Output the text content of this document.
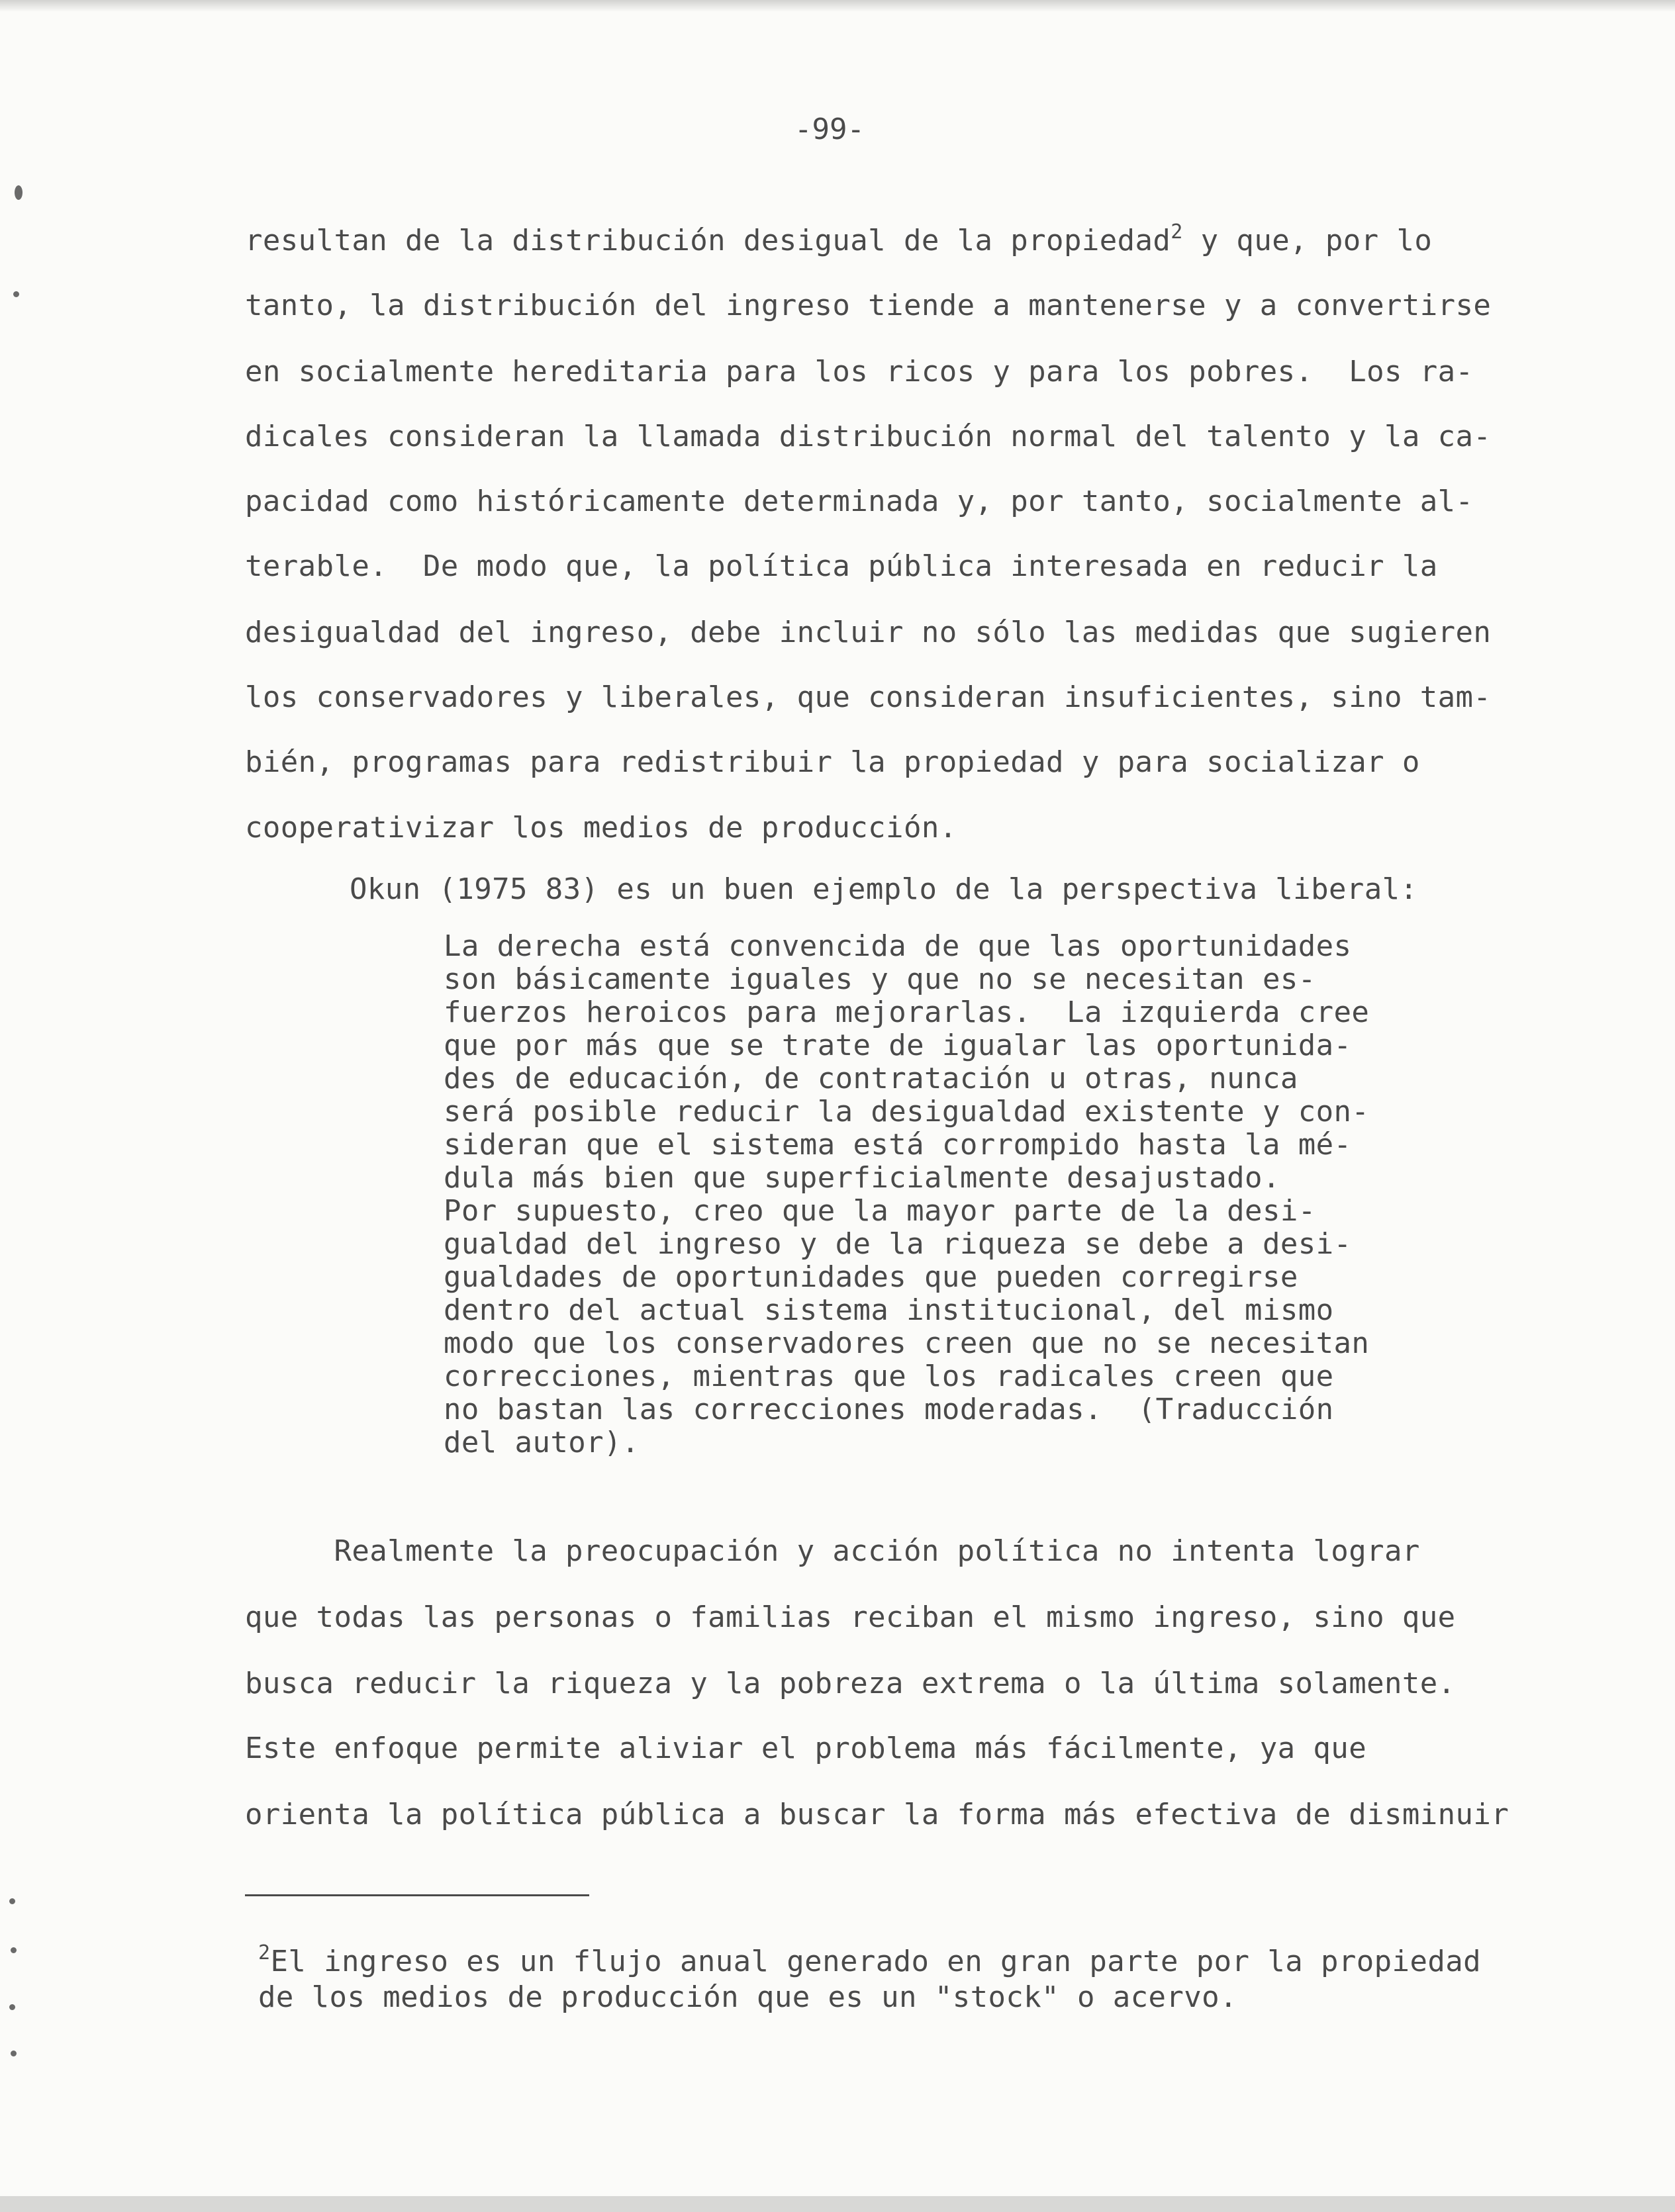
-99-
resultan de la distribución desigual de la propiedad$^2$ y que, por lo
tanto, la distribución del ingreso tiende a mantenerse y a convertirse
en socialmente hereditaria para los ricos y para los pobres.  Los ra-
dicales consideran la llamada distribución normal del talento y la ca-
pacidad como históricamente determinada y, por tanto, socialmente al-
terable.  De modo que, la política pública interesada en reducir la
desigualdad del ingreso, debe incluir no sólo las medidas que sugieren
los conservadores y liberales, que consideran insuficientes, sino tam-
bién, programas para redistribuir la propiedad y para socializar o
cooperativizar los medios de producción.
Okun (1975 83) es un buen ejemplo de la perspectiva liberal:
La derecha está convencida de que las oportunidades
son básicamente iguales y que no se necesitan es-
fuerzos heroicos para mejorarlas.  La izquierda cree
que por más que se trate de igualar las oportunida-
des de educación, de contratación u otras, nunca
será posible reducir la desigualdad existente y con-
sideran que el sistema está corrompido hasta la mé-
dula más bien que superficialmente desajustado.
Por supuesto, creo que la mayor parte de la desi-
gualdad del ingreso y de la riqueza se debe a desi-
gualdades de oportunidades que pueden corregirse
dentro del actual sistema institucional, del mismo
modo que los conservadores creen que no se necesitan
correcciones, mientras que los radicales creen que
no bastan las correcciones moderadas.  (Traducción
del autor).
Realmente la preocupación y acción política no intenta lograr
que todas las personas o familias reciban el mismo ingreso, sino que
busca reducir la riqueza y la pobreza extrema o la última solamente.
Este enfoque permite aliviar el problema más fácilmente, ya que
orienta la política pública a buscar la forma más efectiva de disminuir
$^2$El ingreso es un flujo anual generado en gran parte por la propiedad
de los medios de producción que es un "stock" o acervo.
